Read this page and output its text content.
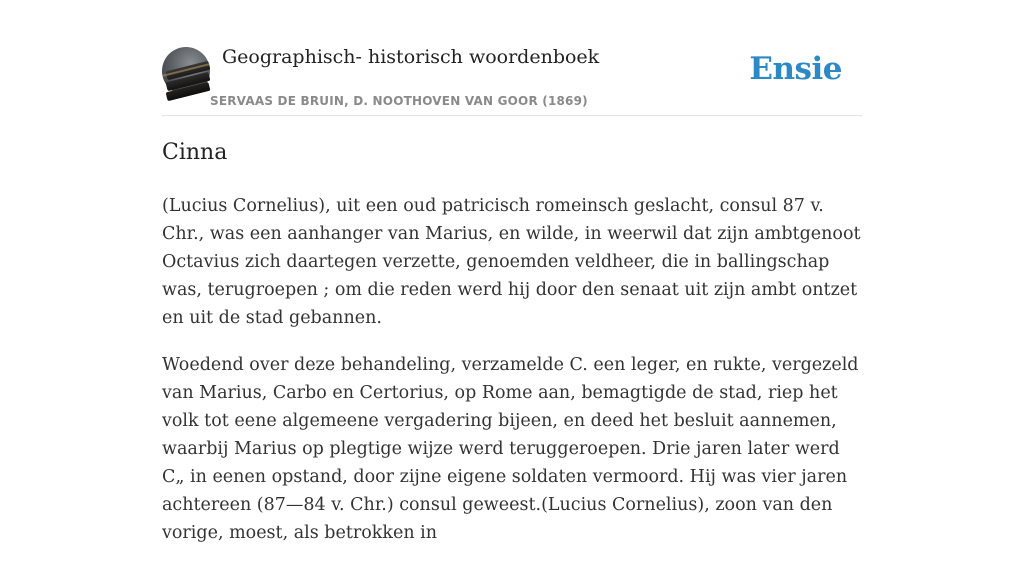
Geographisch- historisch woordenboek
SERVAAS DE BRUIN, D. NOOTHOVEN VAN GOOR (1869)
Ensie
Cinna

(Lucius Cornelius), uit een oud patricisch romeinsch geslacht, consul 87 v. Chr., was een aanhanger van Marius, en wilde, in weerwil dat zijn ambtgenoot Octavius zich daartegen verzette, genoemden veldheer, die in ballingschap was, terugroepen ; om die reden werd hij door den senaat uit zijn ambt ontzet en uit de stad gebannen.

Woedend over deze behandeling, verzamelde C. een leger, en rukte, vergezeld van Marius, Carbo en Certorius, op Rome aan, bemagtigde de stad, riep het volk tot eene algemeene vergadering bijeen, en deed het besluit aannemen, waarbij Marius op plegtige wijze werd teruggeroepen. Drie jaren later werd C„ in eenen opstand, door zijne eigene soldaten vermoord. Hij was vier jaren achtereen (87—84 v. Chr.) consul geweest.(Lucius Cornelius), zoon van den vorige, moest, als betrokken in
